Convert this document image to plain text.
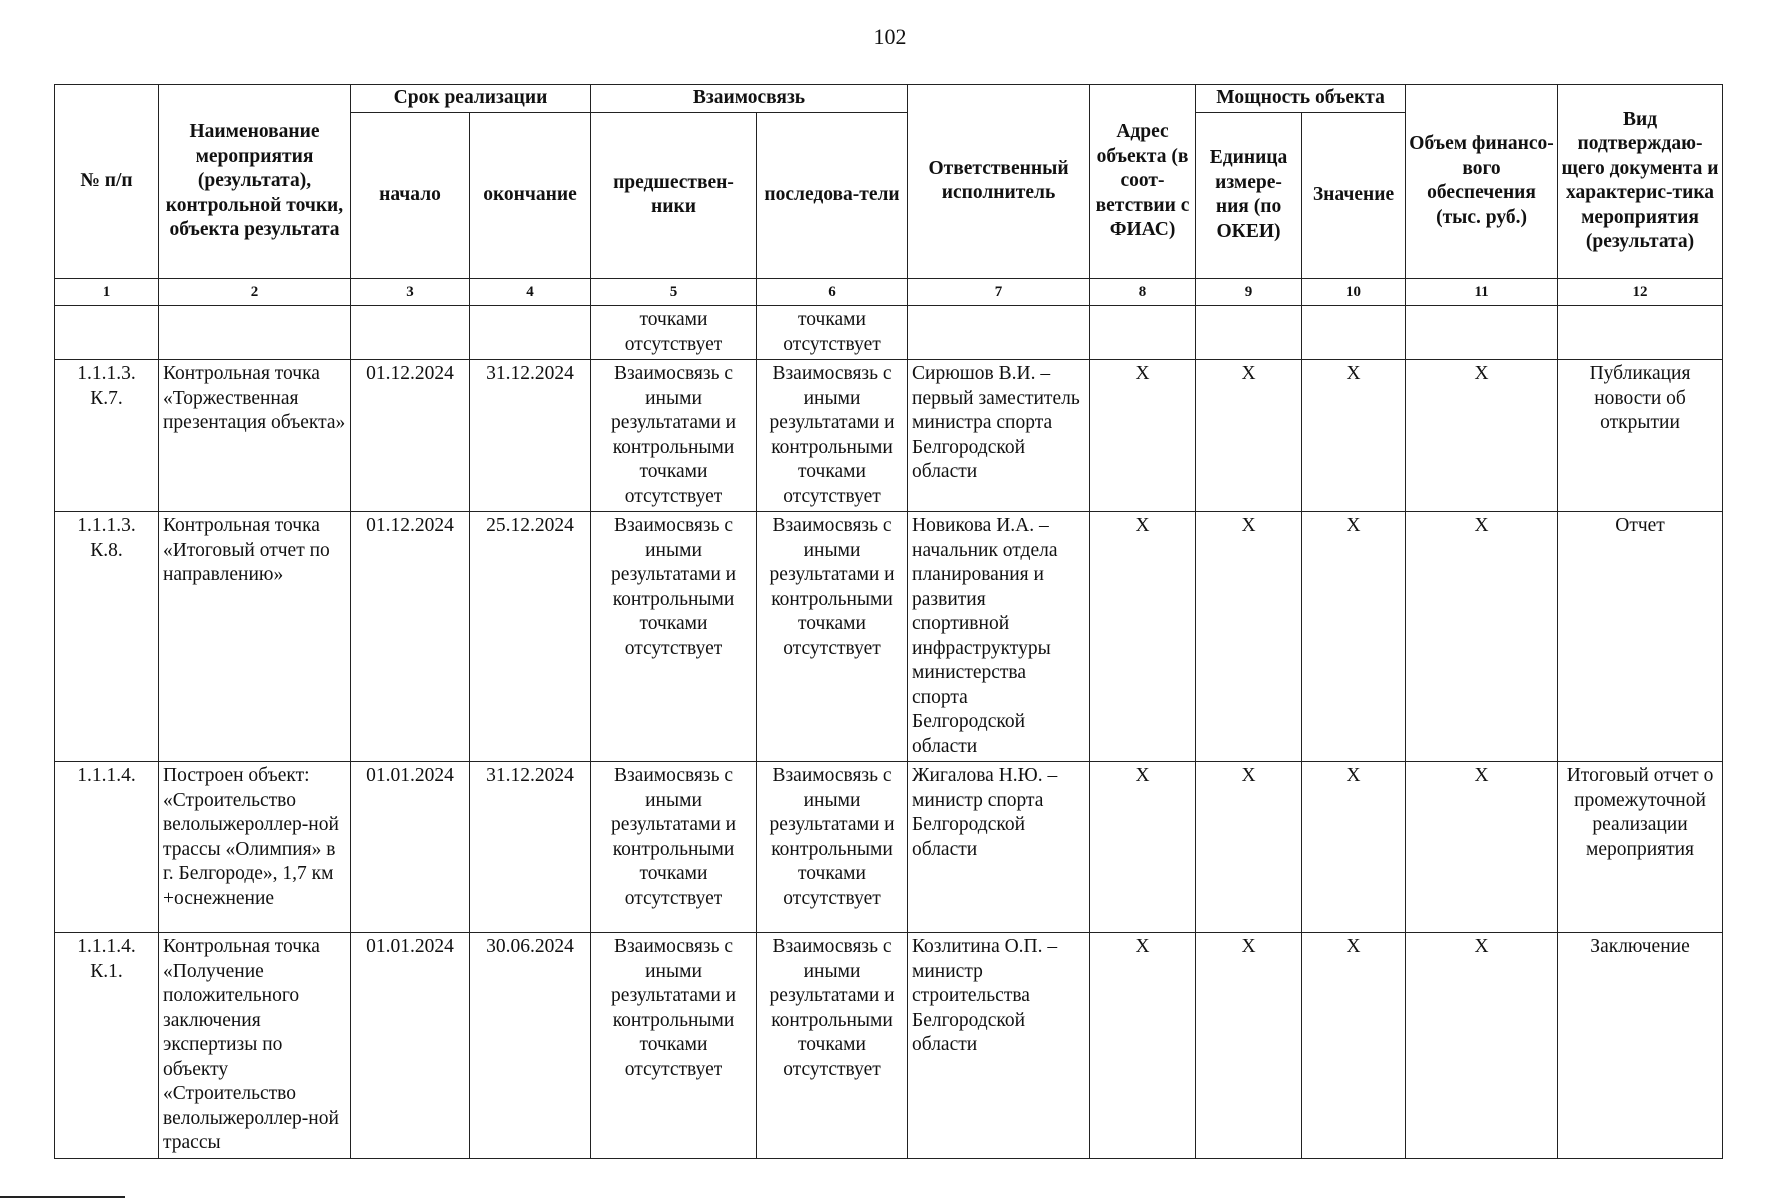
102
№ п/п	Наименование мероприятия (результата), контрольной точки, объекта результата	Срок реализации		Взаимосвязь		Ответственный исполнитель	Адрес объекта (в соот-ветствии с ФИАС)	Мощность объекта		Объем финансо-вого обеспечения (тыс. руб.)	Вид подтверждаю-щего документа и характерис-тика мероприятия (результата)
		начало	окончание	предшествен-ники	последова-тели			Единица измере-ния (по ОКЕИ)	Значение		
1	2	3	4	5	6	7	8	9	10	11	12
				точками отсутствует	точками отсутствует						
1.1.1.3. К.7.	Контрольная точка «Торжественная презентация объекта»	01.12.2024	31.12.2024	Взаимосвязь с иными результатами и контрольными точками отсутствует	Взаимосвязь с иными результатами и контрольными точками отсутствует	Сирюшов В.И. – первый заместитель министра спорта Белгородской области	Х	Х	Х	Х	Публикация новости об открытии
1.1.1.3. К.8.	Контрольная точка «Итоговый отчет по направлению»	01.12.2024	25.12.2024	Взаимосвязь с иными результатами и контрольными точками отсутствует	Взаимосвязь с иными результатами и контрольными точками отсутствует	Новикова И.А. – начальник отдела планирования и развития спортивной инфраструктуры министерства спорта Белгородской области	Х	Х	Х	Х	Отчет
1.1.1.4.	Построен объект: «Строительство велолыжероллер-ной трассы «Олимпия» в г. Белгороде», 1,7 км +оснежнение	01.01.2024	31.12.2024	Взаимосвязь с иными результатами и контрольными точками отсутствует	Взаимосвязь с иными результатами и контрольными точками отсутствует	Жигалова Н.Ю. – министр спорта Белгородской области	Х	Х	Х	Х	Итоговый отчет о промежуточной реализации мероприятия
1.1.1.4. К.1.	Контрольная точка «Получение положительного заключения экспертизы по объекту «Строительство велолыжероллер-ной трассы	01.01.2024	30.06.2024	Взаимосвязь с иными результатами и контрольными точками отсутствует	Взаимосвязь с иными результатами и контрольными точками отсутствует	Козлитина О.П. – министр строительства Белгородской области	Х	Х	Х	Х	Заключение
